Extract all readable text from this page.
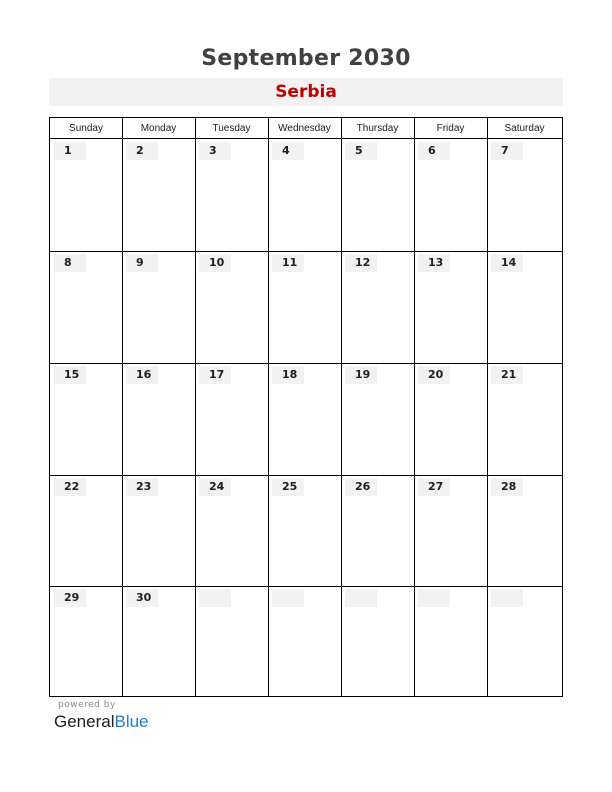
September 2030
Serbia
Sunday	Monday	Tuesday	Wednesday	Thursday	Friday	Saturday
1	2	3	4	5	6	7
8	9	10	11	12	13	14
15	16	17	18	19	20	21
22	23	24	25	26	27	28
29	30
powered by
GeneralBlue
